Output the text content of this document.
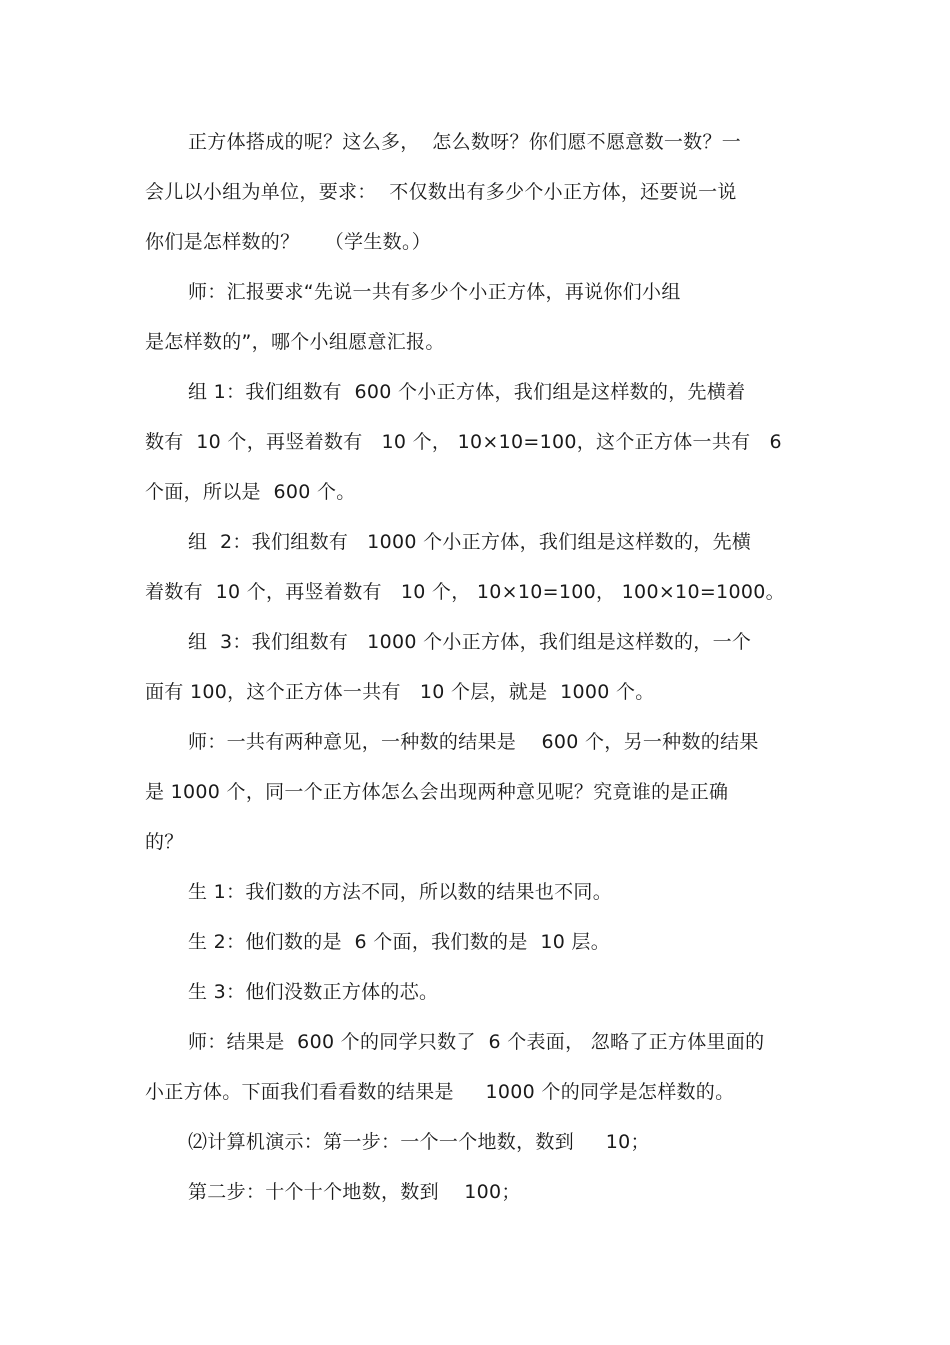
正方体搭成的呢？这么多，  怎么数呀？你们愿不愿意数一数？一
会儿以小组为单位，要求：  不仅数出有多少个小正方体，还要说一说
你们是怎样数的？    （学生数。）
师：汇报要求“先说一共有多少个小正方体，再说你们小组
是怎样数的”，哪个小组愿意汇报。
组 1：我们组数有  600 个小正方体，我们组是这样数的，先横着
数有  10 个，再竖着数有   10 个， 10×10=100，这个正方体一共有   6
个面，所以是  600 个。
组  2：我们组数有   1000 个小正方体，我们组是这样数的，先横
着数有  10 个，再竖着数有   10 个， 10×10=100， 100×10=1000。
组  3：我们组数有   1000 个小正方体，我们组是这样数的，一个
面有 100，这个正方体一共有   10 个层，就是  1000 个。
师：一共有两种意见，一种数的结果是    600 个，另一种数的结果
是 1000 个，同一个正方体怎么会出现两种意见呢？究竟谁的是正确
的？
生 1：我们数的方法不同，所以数的结果也不同。
生 2：他们数的是  6 个面，我们数的是  10 层。
生 3：他们没数正方体的芯。
师：结果是  600 个的同学只数了  6 个表面， 忽略了正方体里面的
小正方体。下面我们看看数的结果是     1000 个的同学是怎样数的。
⑵计算机演示：第一步：一个一个地数，数到     10；
第二步：十个十个地数，数到    100；
